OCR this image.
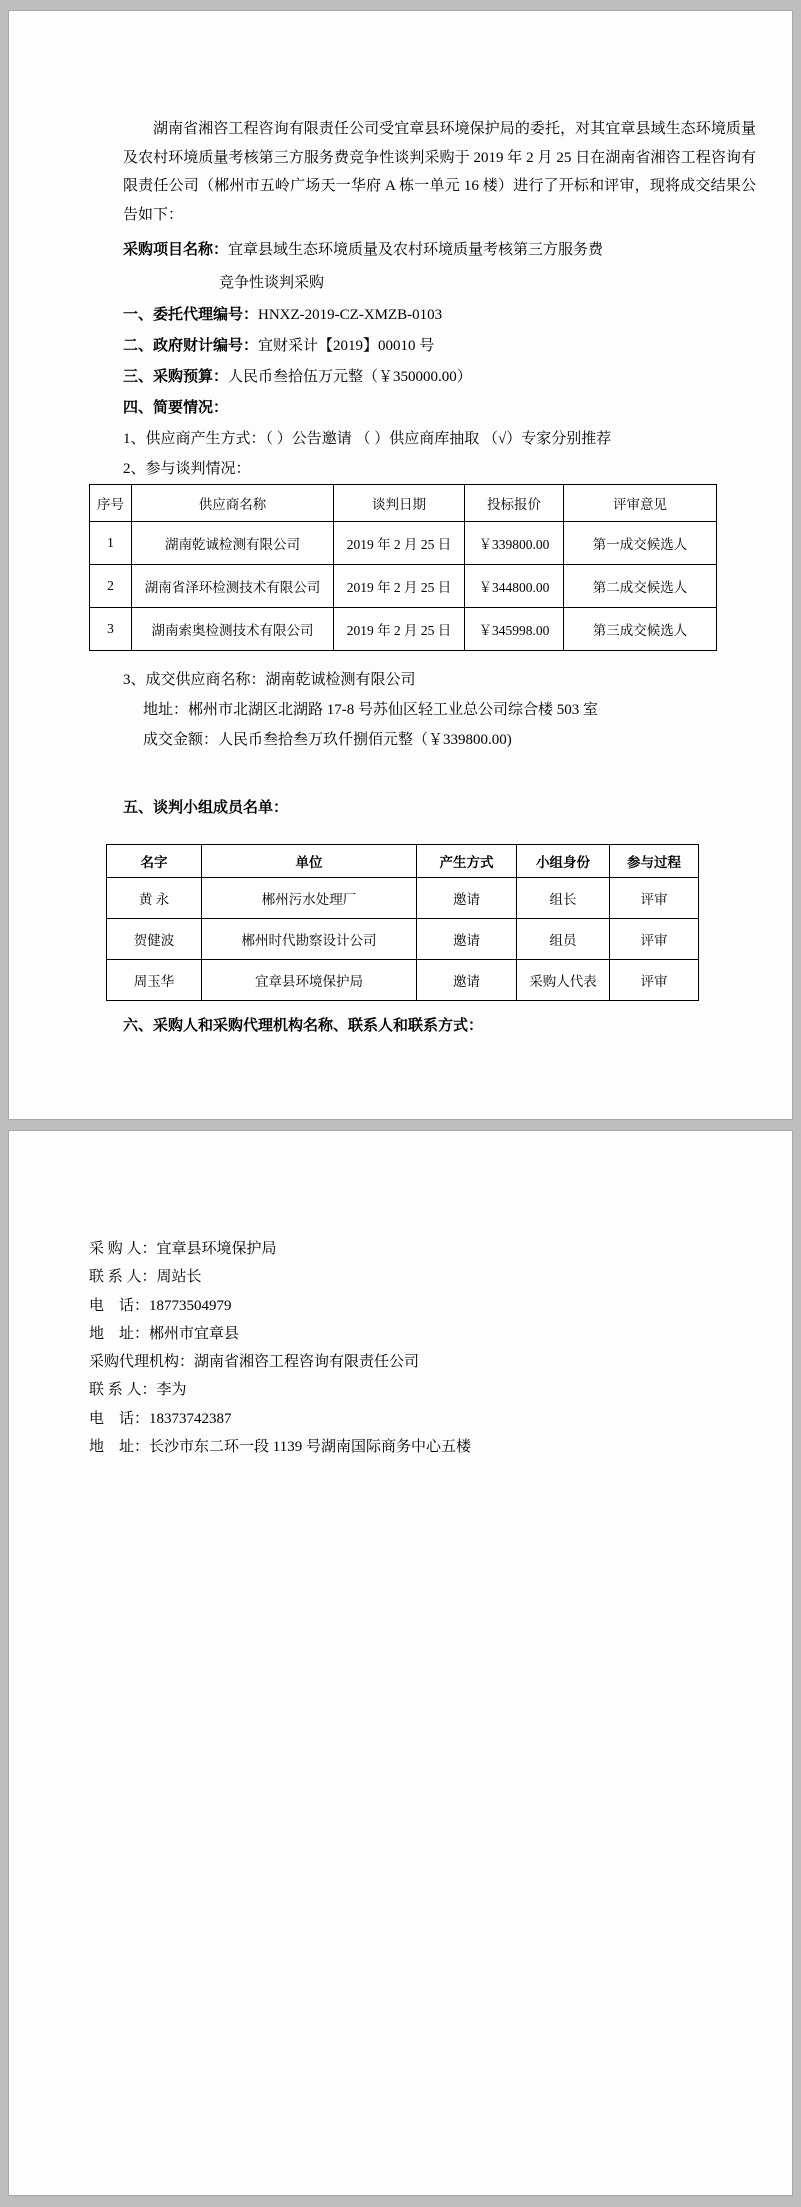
湖南省湘咨工程咨询有限责任公司受宜章县环境保护局的委托，对其宜章县域生态环境质量及农村环境质量考核第三方服务费竞争性谈判采购于 2019 年 2 月 25 日在湖南省湘咨工程咨询有限责任公司（郴州市五岭广场天一华府 A 栋一单元 16 楼）进行了开标和评审，现将成交结果公告如下：

采购项目名称：宜章县域生态环境质量及农村环境质量考核第三方服务费
竞争性谈判采购
一、委托代理编号：HNXZ-2019-CZ-XMZB-0103
二、政府财计编号：宜财采计【2019】00010 号
三、采购预算：人民币叁拾伍万元整（￥350000.00）
四、简要情况：
1、供应商产生方式：（ ）公告邀请 （ ）供应商库抽取 （√）专家分别推荐
2、参与谈判情况：
序号	供应商名称	谈判日期	投标报价	评审意见
1	湖南乾诚检测有限公司	2019 年 2 月 25 日	￥339800.00	第一成交候选人
2	湖南省泽环检测技术有限公司	2019 年 2 月 25 日	￥344800.00	第二成交候选人
3	湖南索奥检测技术有限公司	2019 年 2 月 25 日	￥345998.00	第三成交候选人
3、成交供应商名称：湖南乾诚检测有限公司
地址：郴州市北湖区北湖路 17-8 号苏仙区轻工业总公司综合楼 503 室
成交金额：人民币叁拾叁万玖仟捌佰元整（￥339800.00)
五、谈判小组成员名单：
名字	单位	产生方式	小组身份	参与过程
黄 永	郴州污水处理厂	邀请	组长	评审
贺健波	郴州时代勘察设计公司	邀请	组员	评审
周玉华	宜章县环境保护局	邀请	采购人代表	评审
六、采购人和采购代理机构名称、联系人和联系方式：
采 购 人：宜章县环境保护局
联 系 人：周站长
电    话：18773504979
地    址：郴州市宜章县
采购代理机构：湖南省湘咨工程咨询有限责任公司
联 系 人：李为
电    话：18373742387
地    址：长沙市东二环一段 1139 号湖南国际商务中心五楼
